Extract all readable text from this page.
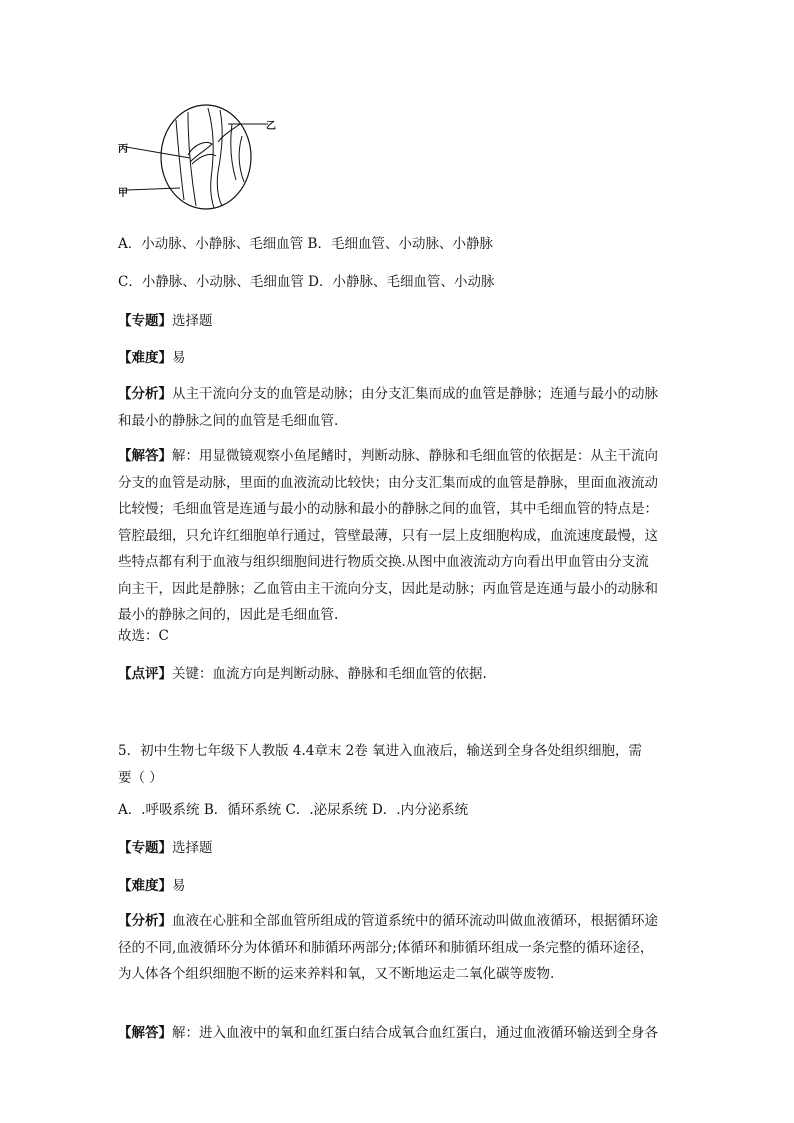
乙
丙
甲
A．小动脉、小静脉、毛细血管 B．毛细血管、小动脉、小静脉
C．小静脉、小动脉、毛细血管 D．小静脉、毛细血管、小动脉
【专题】选择题
【难度】易
【分析】从主干流向分支的血管是动脉；由分支汇集而成的血管是静脉；连通与最小的动脉
和最小的静脉之间的血管是毛细血管.
【解答】解：用显微镜观察小鱼尾鳍时，判断动脉、静脉和毛细血管的依据是：从主干流向
分支的血管是动脉，里面的血液流动比较快；由分支汇集而成的血管是静脉，里面血液流动
比较慢；毛细血管是连通与最小的动脉和最小的静脉之间的血管，其中毛细血管的特点是：
管腔最细，只允许红细胞单行通过，管壁最薄，只有一层上皮细胞构成，血流速度最慢，这
些特点都有利于血液与组织细胞间进行物质交换.从图中血液流动方向看出甲血管由分支流
向主干，因此是静脉；乙血管由主干流向分支，因此是动脉；丙血管是连通与最小的动脉和
最小的静脉之间的，因此是毛细血管.
故选：C
【点评】关键：血流方向是判断动脉、静脉和毛细血管的依据.
5．初中生物七年级下人教版 4.4章末 2卷 氧进入血液后，输送到全身各处组织细胞，需
要（ ）
A．.呼吸系统 B．循环系统 C．.泌尿系统 D．.内分泌系统
【专题】选择题
【难度】易
【分析】血液在心脏和全部血管所组成的管道系统中的循环流动叫做血液循环，根据循环途
径的不同,血液循环分为体循环和肺循环两部分;体循环和肺循环组成一条完整的循环途径，
为人体各个组织细胞不断的运来养料和氧，又不断地运走二氧化碳等废物.
【解答】解：进入血液中的氧和血红蛋白结合成氧合血红蛋白，通过血液循环输送到全身各
